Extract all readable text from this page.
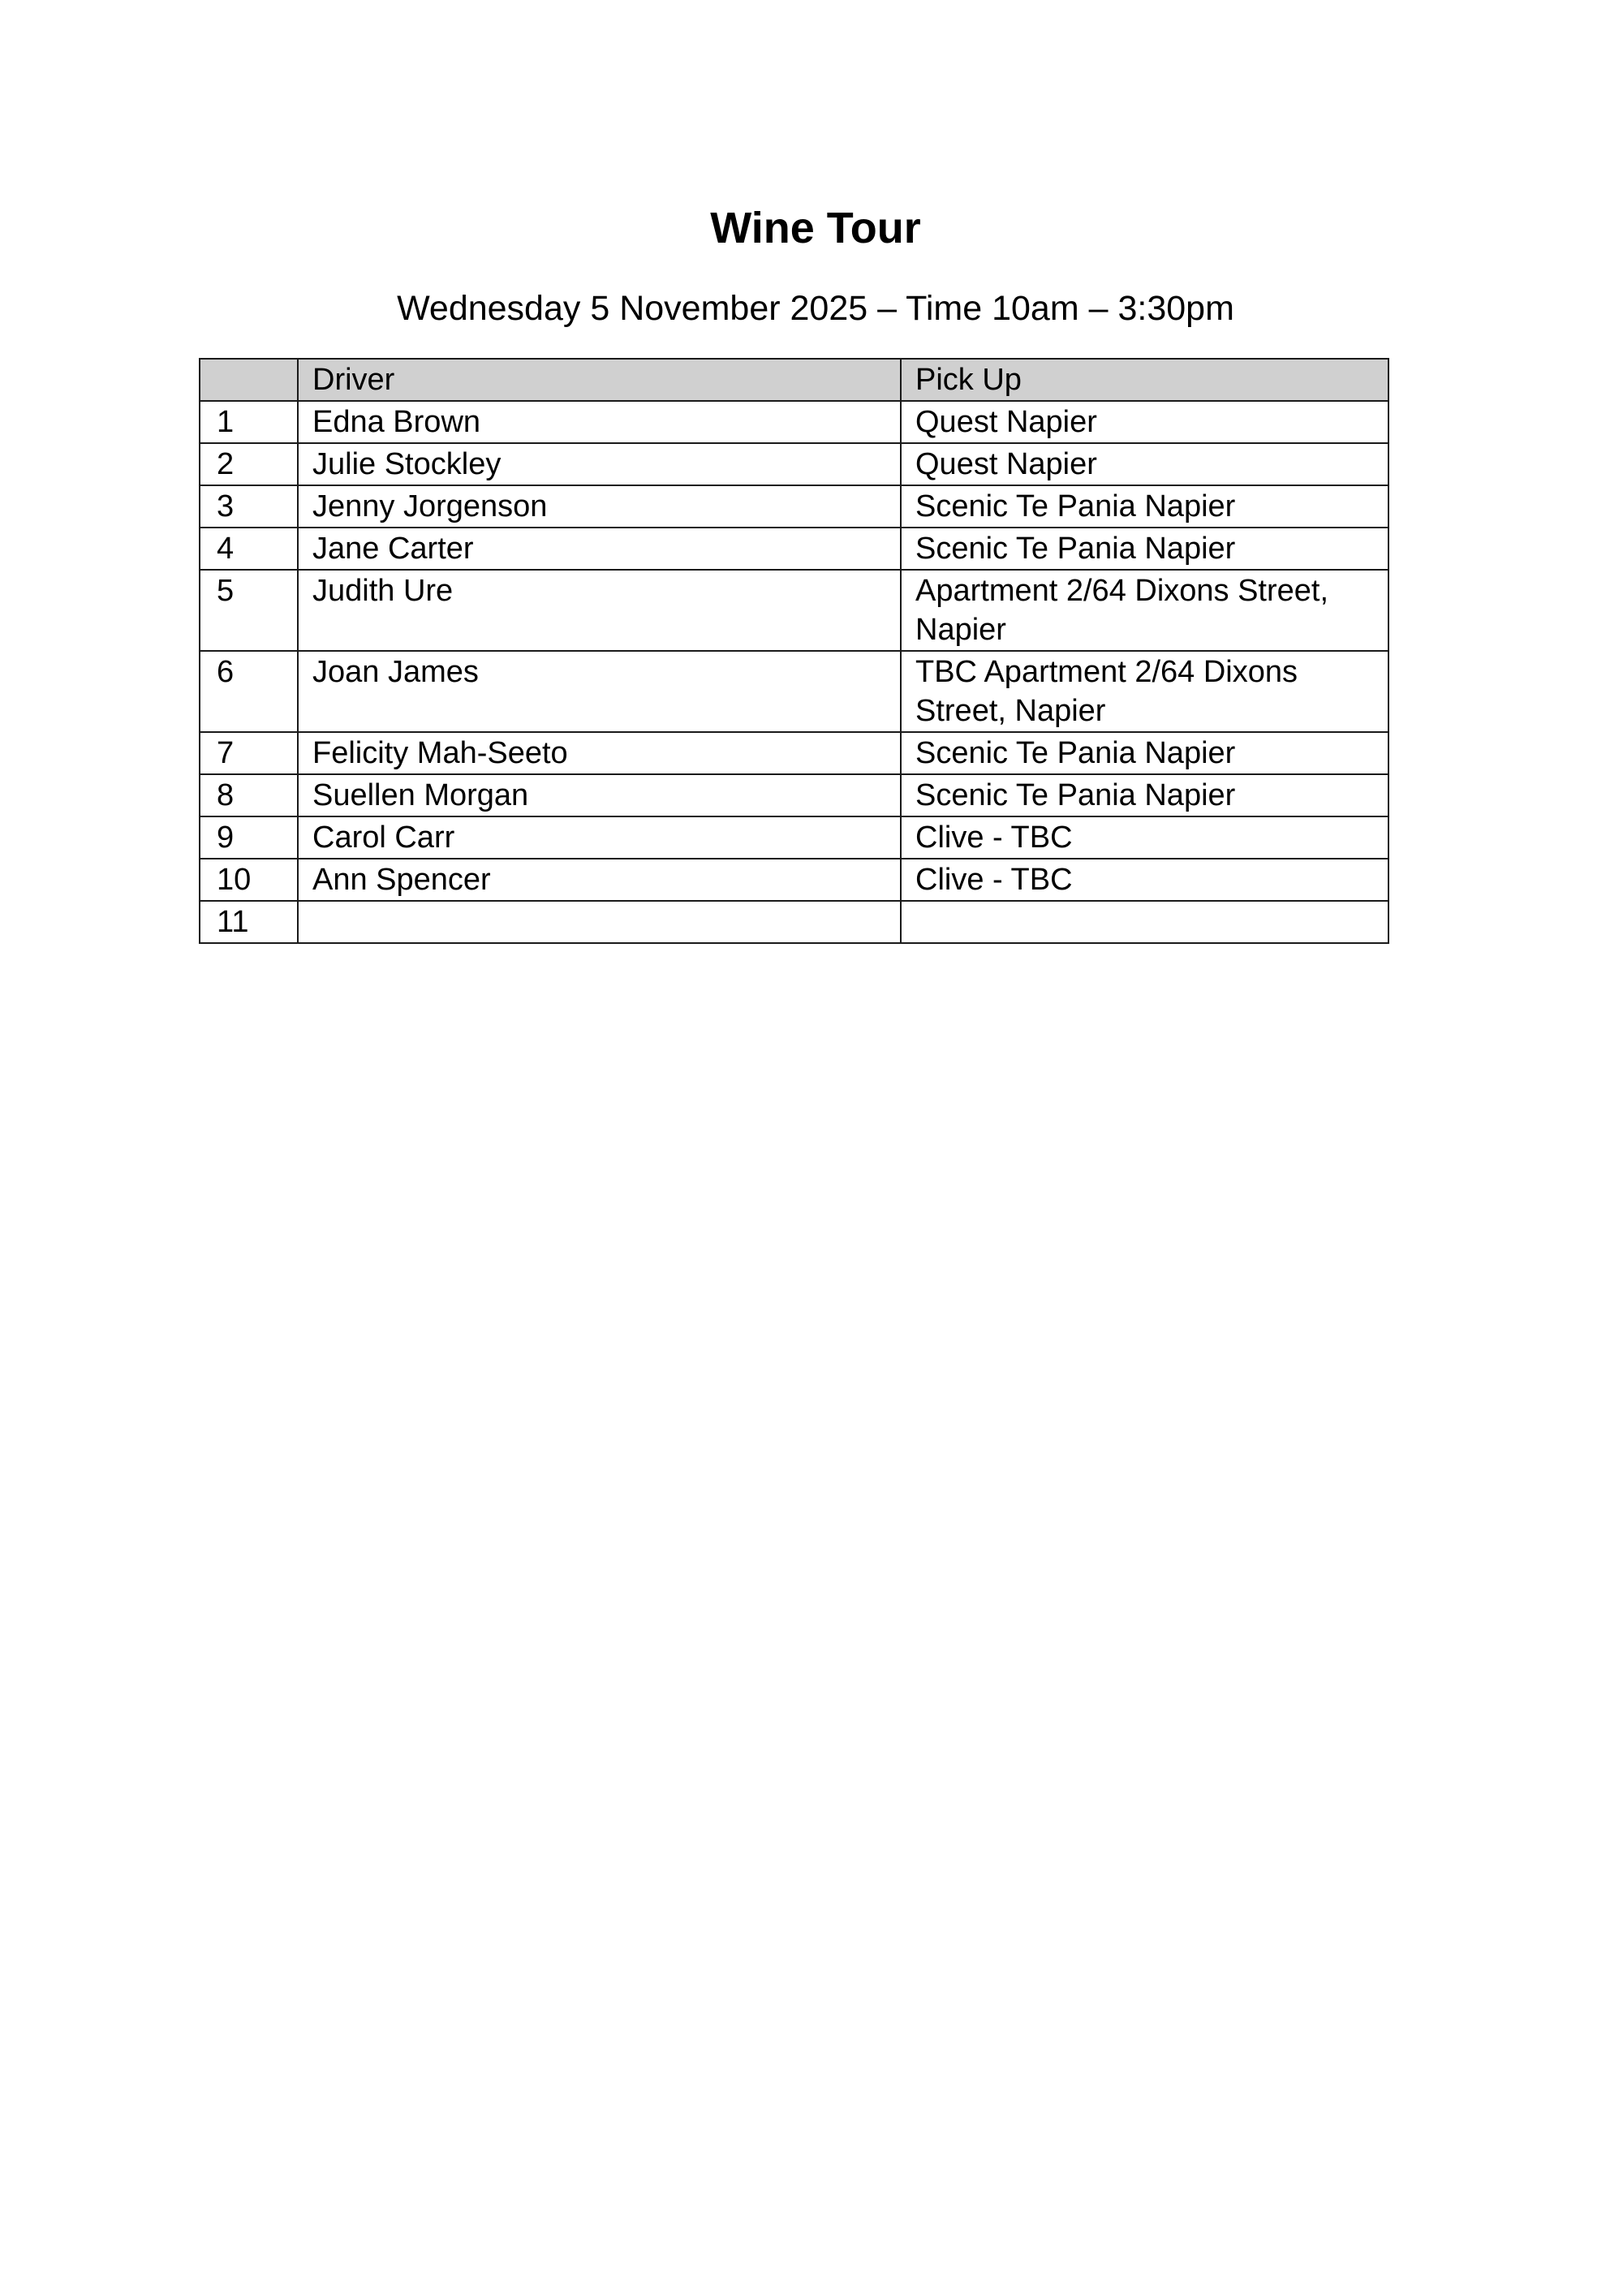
Wine Tour

Wednesday 5 November 2025 – Time 10am – 3:30pm

	Driver	Pick Up
1	Edna Brown	Quest Napier
2	Julie Stockley	Quest Napier
3	Jenny Jorgenson	Scenic Te Pania Napier
4	Jane Carter	Scenic Te Pania Napier
5	Judith Ure	Apartment 2/64 Dixons Street, Napier
6	Joan James	TBC Apartment 2/64 Dixons Street, Napier
7	Felicity Mah-Seeto	Scenic Te Pania Napier
8	Suellen Morgan	Scenic Te Pania Napier
9	Carol Carr	Clive - TBC
10	Ann Spencer	Clive - TBC
11		
